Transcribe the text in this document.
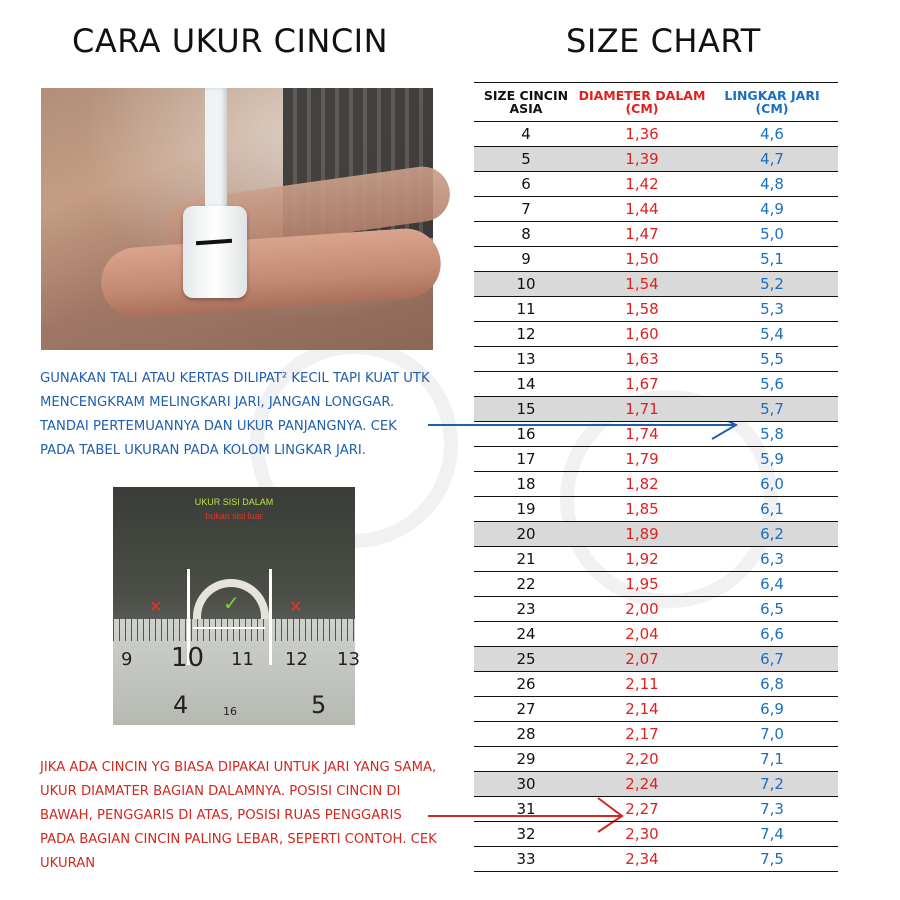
CARA UKUR CINCIN	SIZE CHART
GUNAKAN TALI ATAU KERTAS DILIPAT² KECIL TAPI KUAT UTK MENCENGKRAM MELINGKARI JARI, JANGAN LONGGAR. TANDAI PERTEMUANNYA DAN UKUR PANJANGNYA. CEK PADA TABEL UKURAN PADA KOLOM LINGKAR JARI.
UKUR SISI DALAM
bukan sisi luar
✕	✕
✓
9 10 11 12 13
4	16	5
JIKA ADA CINCIN YG BIASA DIPAKAI UNTUK JARI YANG SAMA, UKUR DIAMATER BAGIAN DALAMNYA. POSISI CINCIN DI BAWAH, PENGGARIS DI ATAS, POSISI RUAS PENGGARIS PADA BAGIAN CINCIN PALING LEBAR, SEPERTI CONTOH. CEK UKURAN
SIZE CINCIN ASIA	DIAMETER DALAM (CM)	LINGKAR JARI (CM)
4	1,36	4,6
5	1,39	4,7
6	1,42	4,8
7	1,44	4,9
8	1,47	5,0
9	1,50	5,1
10	1,54	5,2
11	1,58	5,3
12	1,60	5,4
13	1,63	5,5
14	1,67	5,6
15	1,71	5,7
16	1,74	5,8
17	1,79	5,9
18	1,82	6,0
19	1,85	6,1
20	1,89	6,2
21	1,92	6,3
22	1,95	6,4
23	2,00	6,5
24	2,04	6,6
25	2,07	6,7
26	2,11	6,8
27	2,14	6,9
28	2,17	7,0
29	2,20	7,1
30	2,24	7,2
31	2,27	7,3
32	2,30	7,4
33	2,34	7,5
